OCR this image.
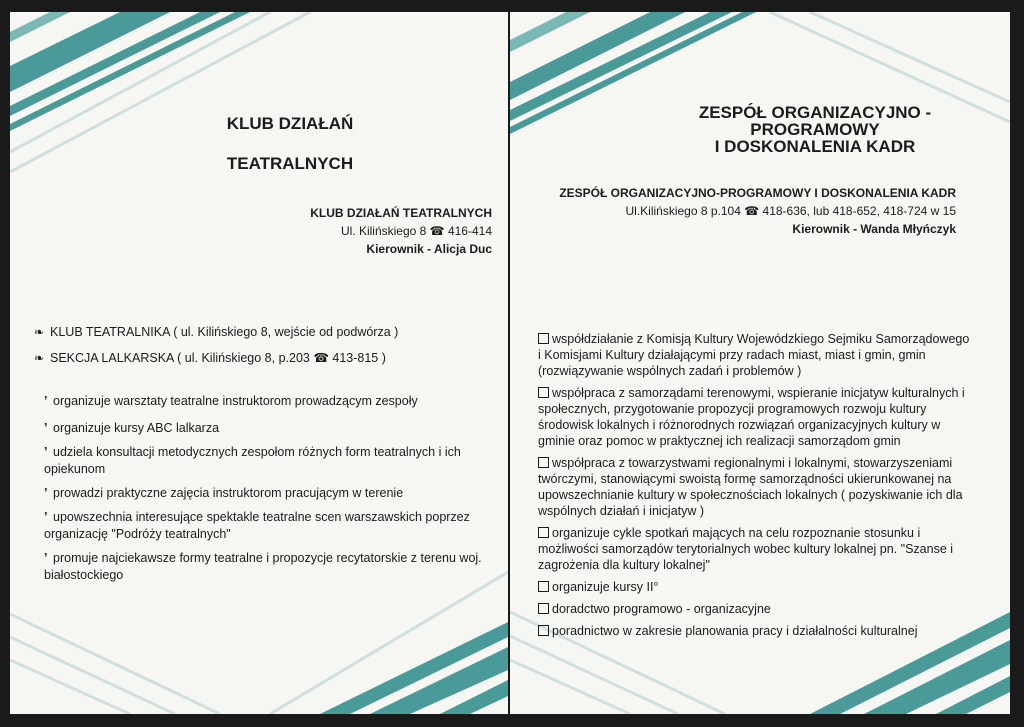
KLUB DZIAŁAŃ
TEATRALNYCH
KLUB DZIAŁAŃ TEATRALNYCH
Ul. Kilińskiego 8 ☎ 416-414
Kierownik - Alicja Duc
❧ KLUB TEATRALNIKA ( ul. Kilińskiego 8, wejście od podwórza )
❧ SEKCJA LALKARSKA ( ul. Kilińskiego 8, p.203 ☎ 413-815 )
’ organizuje warsztaty teatralne instruktorom prowadzącym zespoły
’ organizuje kursy ABC lalkarza
’ udziela konsultacji metodycznych zespołom różnych form teatralnych i ich opiekunom
’ prowadzi praktyczne zajęcia instruktorom pracującym w terenie
’ upowszechnia interesujące spektakle teatralne scen warszawskich poprzez organizację "Podróży teatralnych"
’ promuje najciekawsze formy teatralne i propozycje recytatorskie z terenu woj. białostockiego
ZESPÓŁ ORGANIZACYJNO -
PROGRAMOWY
I DOSKONALENIA KADR
ZESPÓŁ ORGANIZACYJNO-PROGRAMOWY I DOSKONALENIA KADR
Ul.Kilińskiego 8 p.104 ☎ 418-636, lub 418-652, 418-724 w 15
Kierownik - Wanda Młyńczyk
współdziałanie z Komisją Kultury Wojewódzkiego Sejmiku Samorządowego i Komisjami Kultury działającymi przy radach miast, miast i gmin, gmin (rozwiązywanie wspólnych zadań i problemów )
współpraca z samorządami terenowymi, wspieranie inicjatyw kulturalnych i społecznych, przygotowanie propozycji programowych rozwoju kultury środowisk lokalnych i różnorodnych rozwiązań organizacyjnych kultury w gminie oraz pomoc w praktycznej ich realizacji samorządom gmin
współpraca z towarzystwami regionalnymi i lokalnymi, stowarzyszeniami twórczymi, stanowiącymi swoistą formę samorządności ukierunkowanej na upowszechnianie kultury w społecznościach lokalnych ( pozyskiwanie ich dla wspólnych działań i inicjatyw )
organizuje cykle spotkań mających na celu rozpoznanie stosunku i możliwości samorządów terytorialnych wobec kultury lokalnej pn. "Szanse i zagrożenia dla kultury lokalnej"
organizuje kursy II°
doradctwo programowo - organizacyjne
poradnictwo w zakresie planowania pracy i działalności kulturalnej
